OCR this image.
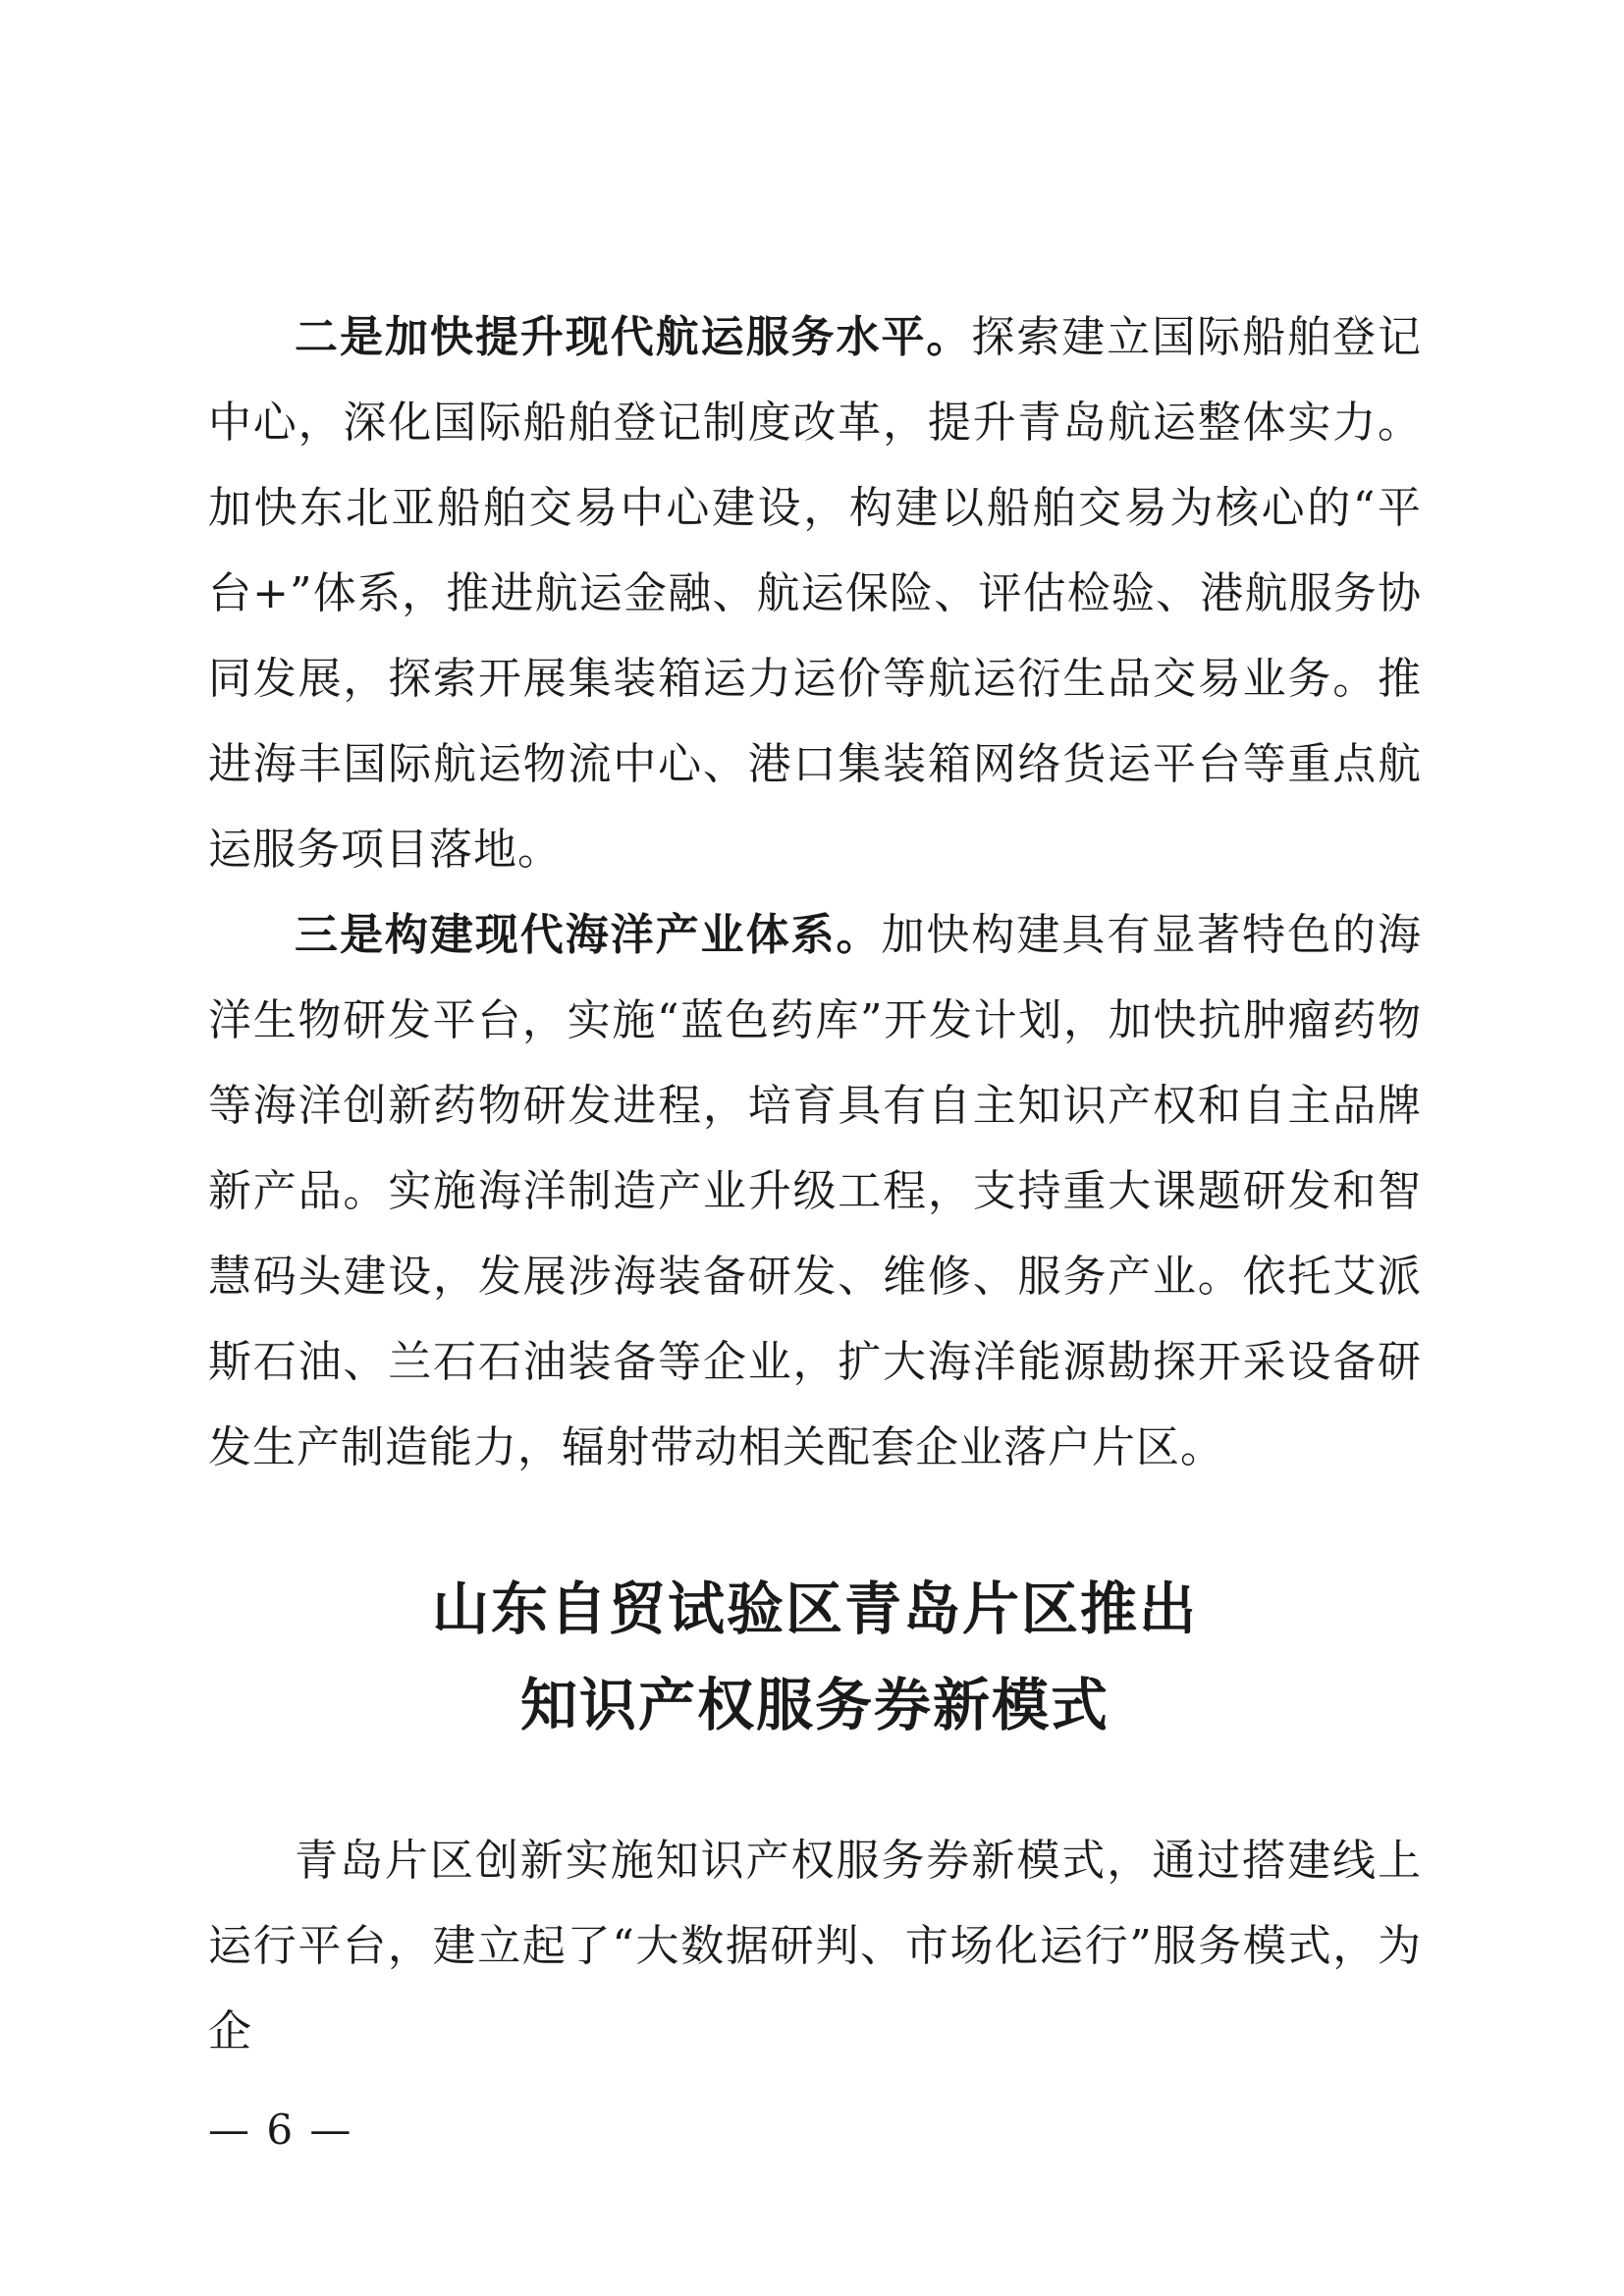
二是加快提升现代航运服务水平。探索建立国际船舶登记中心，深化国际船舶登记制度改革，提升青岛航运整体实力。加快东北亚船舶交易中心建设，构建以船舶交易为核心的“平台+”体系，推进航运金融、航运保险、评估检验、港航服务协同发展，探索开展集装箱运力运价等航运衍生品交易业务。推进海丰国际航运物流中心、港口集装箱网络货运平台等重点航运服务项目落地。

三是构建现代海洋产业体系。加快构建具有显著特色的海洋生物研发平台，实施“蓝色药库”开发计划，加快抗肿瘤药物等海洋创新药物研发进程，培育具有自主知识产权和自主品牌新产品。实施海洋制造产业升级工程，支持重大课题研发和智慧码头建设，发展涉海装备研发、维修、服务产业。依托艾派斯石油、兰石石油装备等企业，扩大海洋能源勘探开采设备研发生产制造能力，辐射带动相关配套企业落户片区。

山东自贸试验区青岛片区推出
知识产权服务券新模式

青岛片区创新实施知识产权服务券新模式，通过搭建线上运行平台，建立起了“大数据研判、市场化运行”服务模式，为企

— 6 —
